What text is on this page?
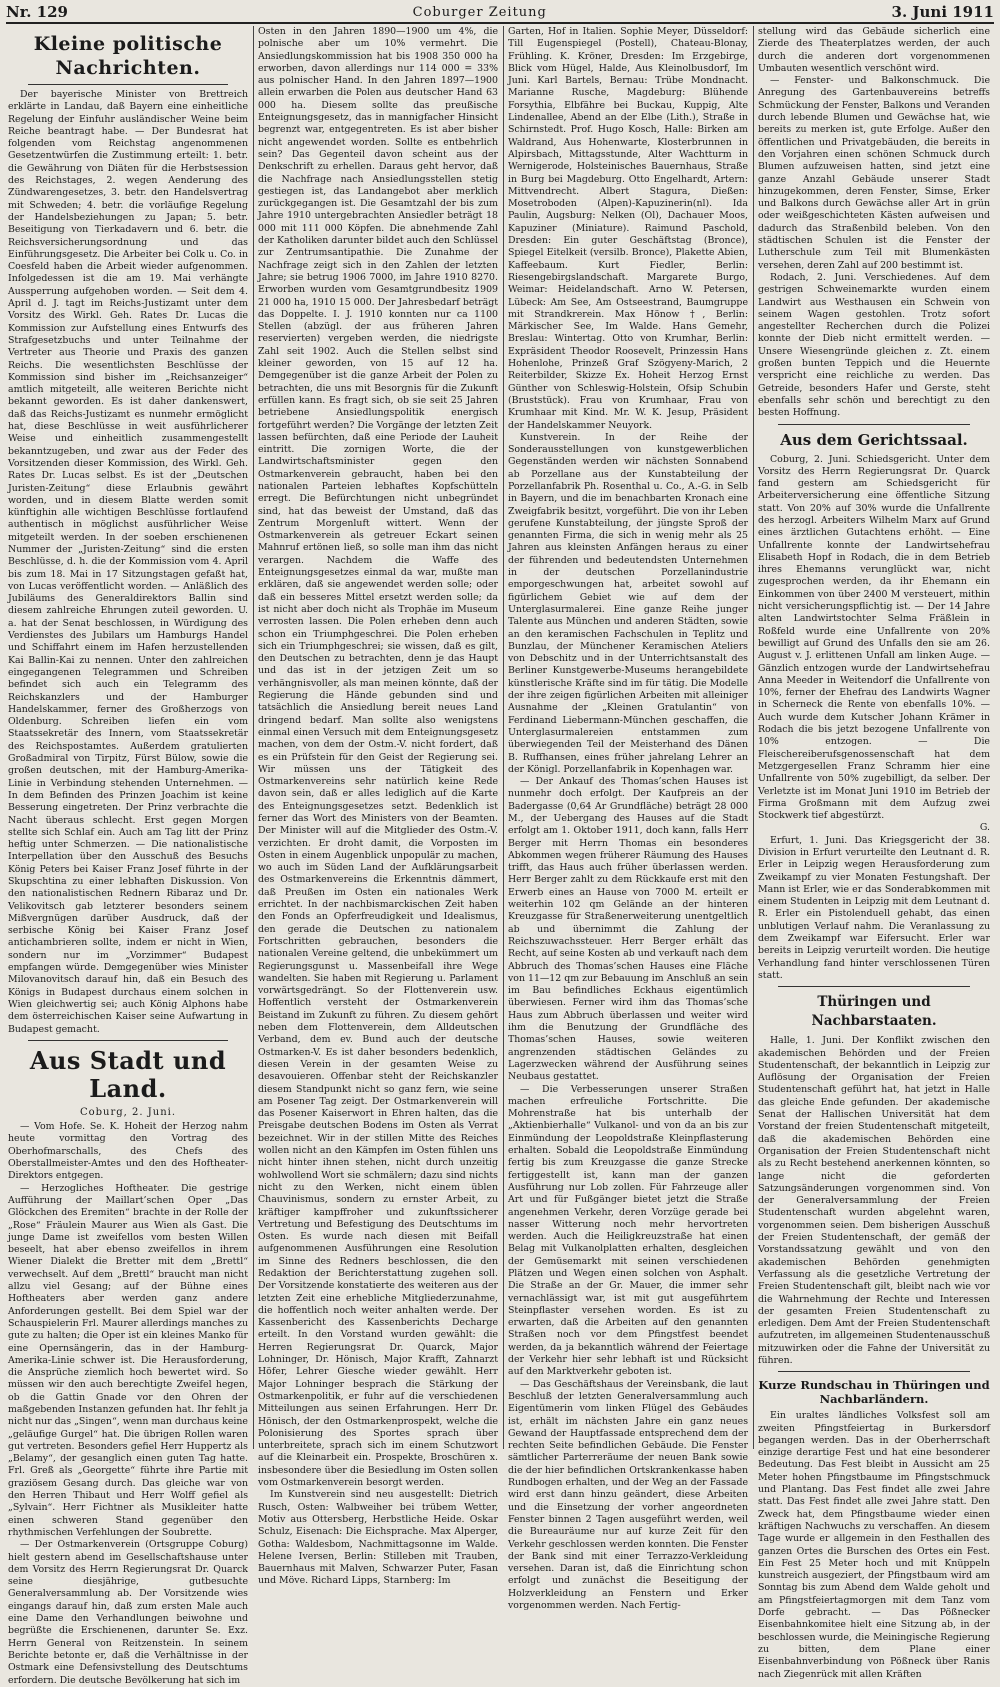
Nr. 129	Coburger Zeitung	3. Juni 1911
Kleine politische Nachrichten.

Der bayerische Minister von Brettreich erklärte in Landau, daß Bayern eine einheitliche Regelung der Einfuhr ausländischer Weine beim Reiche beantragt habe. — Der Bundesrat hat folgenden vom Reichstag angenommenen Gesetzentwürfen die Zustimmung erteilt: 1. betr. die Gewährung von Diäten für die Herbstsession des Reichstages, 2. wegen Aenderung des Zündwarengesetzes, 3. betr. den Handelsvertrag mit Schweden; 4. betr. die vorläufige Regelung der Handelsbeziehungen zu Japan; 5. betr. Beseitigung von Tierkadavern und 6. betr. die Reichsversicherungsordnung und das Einführungsgesetz. Die Arbeiter bei Colk u. Co. in Coesfeld haben die Arbeit wieder aufgenommen. Infolgedessen ist die am 19. Mai verhängte Aussperrung aufgehoben worden. — Seit dem 4. April d. J. tagt im Reichs-Justizamt unter dem Vorsitz des Wirkl. Geh. Rates Dr. Lucas die Kommission zur Aufstellung eines Entwurfs des Strafgesetzbuchs und unter Teilnahme der Vertreter aus Theorie und Praxis des ganzen Reichs. Die wesentlichsten Beschlüsse der Kommission sind bisher im „Reichsanzeiger“ amtlich mitgeteilt, alle weiteren Berichte nicht bekannt geworden. Es ist daher dankenswert, daß das Reichs-Justizamt es nunmehr ermöglicht hat, diese Beschlüsse in weit ausführlicherer Weise und einheitlich zusammengestellt bekanntzugeben, und zwar aus der Feder des Vorsitzenden dieser Kommission, des Wirkl. Geh. Rates Dr. Lucas selbst. Es ist der „Deutschen Juristen-Zeitung“ diese Erlaubnis gewährt worden, und in diesem Blatte werden somit künftighin alle wichtigen Beschlüsse fortlaufend authentisch in möglichst ausführlicher Weise mitgeteilt werden. In der soeben erschienenen Nummer der „Juristen-Zeitung“ sind die ersten Beschlüsse, d. h. die der Kommission vom 4. April bis zum 18. Mai in 17 Sitzungstagen gefaßt hat, von Lucas veröffentlicht worden. — Anläßlich des Jubiläums des Generaldirektors Ballin sind diesem zahlreiche Ehrungen zuteil geworden. U. a. hat der Senat beschlossen, in Würdigung des Verdienstes des Jubilars um Hamburgs Handel und Schiffahrt einem im Hafen herzustellenden Kai Ballin-Kai zu nennen. Unter den zahlreichen eingegangenen Telegrammen und Schreiben befindet sich auch ein Telegramm des Reichskanzlers und der Hamburger Handelskammer, ferner des Großherzogs von Oldenburg. Schreiben liefen ein vom Staatssekretär des Innern, vom Staatssekretär des Reichspostamtes. Außerdem gratulierten Großadmiral von Tirpitz, Fürst Bülow, sowie die großen deutschen, mit der Hamburg-Amerika-Linie in Verbindung stehenden Unternehmen. — In dem Befinden des Prinzen Joachim ist keine Besserung eingetreten. Der Prinz verbrachte die Nacht überaus schlecht. Erst gegen Morgen stellte sich Schlaf ein. Auch am Tag litt der Prinz heftig unter Schmerzen. — Die nationalistische Interpellation über den Ausschuß des Besuchs König Peters bei Kaiser Franz Josef führte in der Skupschtina zu einer lebhaften Diskussion. Von den nationalistischen Rednern Ribaraz und Dr. Velikovitsch gab letzterer besonders seinem Mißvergnügen darüber Ausdruck, daß der serbische König bei Kaiser Franz Josef antichambrieren sollte, indem er nicht in Wien, sondern nur im „Vorzimmer“ Budapest empfangen würde. Demgegenüber wies Minister Milovanovitsch darauf hin, daß ein Besuch des Königs in Budapest durchaus einem solchen in Wien gleichwertig sei; auch König Alphons habe dem österreichischen Kaiser seine Aufwartung in Budapest gemacht.

Aus Stadt und Land.
Coburg, 2. Juni.

— Vom Hofe. Se. K. Hoheit der Herzog nahm heute vormittag den Vortrag des Oberhofmarschalls, des Chefs des Oberstallmeister-Amtes und den des Hoftheater-Direktors entgegen.

— Herzogliches Hoftheater. Die gestrige Aufführung der Maillart’schen Oper „Das Glöckchen des Eremiten“ brachte in der Rolle der „Rose“ Fräulein Maurer aus Wien als Gast. Die junge Dame ist zweifellos vom besten Willen beseelt, hat aber ebenso zweifellos in ihrem Wiener Dialekt die Bretter mit dem „Brettl“ verwechselt. Auf dem „Brettl“ braucht man nicht allzu viel Gesang; auf der Bühne eines Hoftheaters aber werden ganz andere Anforderungen gestellt. Bei dem Spiel war der Schauspielerin Frl. Maurer allerdings manches zu gute zu halten; die Oper ist ein kleines Manko für eine Opernsängerin, das in der Hamburg-Amerika-Linie schwer ist. Die Herausforderung, die Ansprüche ziemlich hoch bewertet wird. So müssen wir den auch berechtigte Zweifel hegen, ob die Gattin Gnade vor den Ohren der maßgebenden Instanzen gefunden hat. Ihr fehlt ja nicht nur das „Singen“, wenn man durchaus keine „geläufige Gurgel“ hat. Die übrigen Rollen waren gut vertreten. Besonders gefiel Herr Huppertz als „Belamy“, der gesanglich einen guten Tag hatte. Frl. Greß als „Georgette“ führte ihre Partie mit graziösem Gesang durch. Das gleiche war von den Herren Thibaut und Herr Wolff gefiel als „Sylvain“. Herr Fichtner als Musikleiter hatte einen schweren Stand gegenüber den rhythmischen Verfehlungen der Soubrette.

— Der Ostmarkenverein (Ortsgruppe Coburg) hielt gestern abend im Gesellschaftshause unter dem Vorsitz des Herrn Regierungsrat Dr. Quarck seine diesjährige, gutbesuchte Generalversammlung ab. Der Vorsitzende wies eingangs darauf hin, daß zum ersten Male auch eine Dame den Verhandlungen beiwohne und begrüßte die Erschienenen, darunter Se. Exz. Herrn General von Reitzenstein. In seinem Berichte betonte er, daß die Verhältnisse in der Ostmark eine Defensivstellung des Deutschtums erfordern. Die deutsche Bevölkerung hat sich im

Osten in den Jahren 1890—1900 um 4%, die polnische aber um 10% vermehrt. Die Ansiedlungskommission hat bis 1908 350 000 ha erworben, davon allerdings nur 114 000 = 33% aus polnischer Hand. In den Jahren 1897—1900 allein erwarben die Polen aus deutscher Hand 63 000 ha. Diesem sollte das preußische Enteignungsgesetz, das in mannigfacher Hinsicht begrenzt war, entgegentreten. Es ist aber bisher nicht angewendet worden. Sollte es entbehrlich sein? Das Gegenteil davon scheint aus der Denkschrift zu erhellen. Daraus geht hervor, daß die Nachfrage nach Ansiedlungsstellen stetig gestiegen ist, das Landangebot aber merklich zurückgegangen ist. Die Gesamtzahl der bis zum Jahre 1910 untergebrachten Ansiedler beträgt 18 000 mit 111 000 Köpfen. Die abnehmende Zahl der Katholiken darunter bildet auch den Schlüssel zur Zentrumsantipathie. Die Zunahme der Nachfrage zeigt sich in den Zahlen der letzten Jahre; sie betrug 1906 7000, im Jahre 1910 8270. Erworben wurden vom Gesamtgrundbesitz 1909 21 000 ha, 1910 15 000. Der Jahresbedarf beträgt das Doppelte. I. J. 1910 konnten nur ca 1100 Stellen (abzügl. der aus früheren Jahren reservierten) vergeben werden, die niedrigste Zahl seit 1902. Auch die Stellen selbst sind kleiner geworden, von 15 auf 12 ha. Demgegenüber ist die ganze Arbeit der Polen zu betrachten, die uns mit Besorgnis für die Zukunft erfüllen kann. Es fragt sich, ob sie seit 25 Jahren betriebene Ansiedlungspolitik energisch fortgeführt werden? Die Vorgänge der letzten Zeit lassen befürchten, daß eine Periode der Lauheit eintritt. Die zornigen Worte, die der Landwirtschaftsminister gegen den Ostmarkenverein gebraucht, haben bei den nationalen Parteien lebhaftes Kopfschütteln erregt. Die Befürchtungen nicht unbegründet sind, hat das beweist der Umstand, daß das Zentrum Morgenluft wittert. Wenn der Ostmarkenverein als getreuer Eckart seinen Mahnruf ertönen ließ, so solle man ihm das nicht verargen. Nachdem die Waffe des Enteignungsgesetzes einmal da war, mußte man erklären, daß sie angewendet werden solle; oder daß ein besseres Mittel ersetzt werden solle; da ist nicht aber doch nicht als Trophäe im Museum verrosten lassen. Die Polen erheben denn auch schon ein Triumphgeschrei. Die Polen erheben sich ein Triumphgeschrei; sie wissen, daß es gilt, den Deutschen zu betrachten, denn je das Haupt und das ist in der jetzigen Zeit um so verhängnisvoller, als man meinen könnte, daß der Regierung die Hände gebunden sind und tatsächlich die Ansiedlung bereit neues Land dringend bedarf. Man sollte also wenigstens einmal einen Versuch mit dem Enteignungsgesetz machen, von dem der Ostm.-V. nicht fordert, daß es ein Prüfstein für den Geist der Regierung sei. Wir müssen uns der Tätigkeit des Ostmarkenvereins sehr natürlich keine Rede davon sein, daß er alles lediglich auf die Karte des Enteignungsgesetzes setzt. Bedenklich ist ferner das Wort des Ministers von der Beamten. Der Minister will auf die Mitglieder des Ostm.-V. verzichten. Er droht damit, die Vorposten im Osten in einem Augenblick unpopulär zu machen, wo auch im Süden Land der Aufklärungsarbeit des Ostmarkenvereins die Erkenntnis dämmert, daß Preußen im Osten ein nationales Werk errichtet. In der nachbismarckischen Zeit haben den Fonds an Opferfreudigkeit und Idealismus, den gerade die Deutschen zu nationalem Fortschritten gebrauchen, besonders die nationalen Vereine geltend, die unbekümmert um Regierungsgunst u. Massenbeifall ihre Wege wandelten. Sie haben mit Regierung u. Parlament vorwärtsgedrängt. So der Flottenverein usw. Hoffentlich versteht der Ostmarkenverein Beistand im Zukunft zu führen. Zu diesem gehört neben dem Flottenverein, dem Alldeutschen Verband, dem ev. Bund auch der deutsche Ostmarken-V. Es ist daher besonders bedenklich, diesen Verein in der gesamten Weise zu desavouieren. Offenbar steht der Reichskanzler diesem Standpunkt nicht so ganz fern, wie seine am Posener Tag zeigt. Der Ostmarkenverein will das Posener Kaiserwort in Ehren halten, das die Preisgabe deutschen Bodens im Osten als Verrat bezeichnet. Wir in der stillen Mitte des Reiches wollen nicht an den Kämpfen im Osten fühlen uns nicht hinter ihnen stehen, nicht durch unzeitig wohlwollend Wort sie schmälern; dazu sind nichts nicht zu den Werken, nicht einem üblen Chauvinismus, sondern zu ernster Arbeit, zu kräftiger kampffroher und zukunftssicherer Vertretung und Befestigung des Deutschtums im Osten. Es wurde nach diesen mit Beifall aufgenommenen Ausführungen eine Resolution im Sinne des Redners beschlossen, die den Redaktion der Berichterstattung zugehen soll. Der Vorsitzende konstatierte des weiteren aus der letzten Zeit eine erhebliche Mitgliederzunahme, die hoffentlich noch weiter anhalten werde. Der Kassenbericht des Kassenberichts Decharge erteilt. In den Vorstand wurden gewählt: die Herren Regierungsrat Dr. Quarck, Major Lohninger, Dr. Hönisch, Major Krafft, Zahnarzt Höfer, Lehrer Giesche wieder gewählt. Herr Major Lohninger besprach die Stärkung der Ostmarkenpolitik, er fuhr auf die verschiedenen Mitteilungen aus seinen Erfahrungen. Herr Dr. Hönisch, der den Ostmarkenprospekt, welche die Polonisierung des Sportes sprach über unterbreitete, sprach sich im einem Schutzwort auf die Kleinarbeit ein. Prospekte, Broschüren x. insbesondere über die Besiedlung im Osten sollen vom Ostmarkenverein besorgt werden.

Im Kunstverein sind neu ausgestellt: Dietrich Rusch, Osten: Walbweiher bei trübem Wetter, Motiv aus Ottersberg, Herbstliche Heide. Oskar Schulz, Eisenach: Die Eichsprache. Max Alperger, Gotha: Waldesbom, Nachmittagsonne im Walde. Helene Iversen, Berlin: Stilleben mit Trauben, Bauernhaus mit Malven, Schwarzer Puter, Fasan und Möve. Richard Lipps, Starnberg: Im

Garten, Hof in Italien. Sophie Meyer, Düsseldorf: Till Eugenspiegel (Postell), Chateau-Blonay, Frühling. K. Kröner, Dresden: Im Erzgebirge, Blick vom Hügel, Halde, Aus Kleinolbusdorf, Im Juni. Karl Bartels, Bernau: Trübe Mondnacht. Marianne Rusche, Magdeburg: Blühende Forsythia, Elbfähre bei Buckau, Kuppig, Alte Lindenallee, Abend an der Elbe (Lith.), Straße in Schirnstedt. Prof. Hugo Kosch, Halle: Birken am Waldrand, Aus Hohenwarte, Klosterbrunnen in Alpirsbach, Mittagsstunde, Alter Wachtturm in Wernigerode, Holsteinisches Bauernhaus, Straße in Burg bei Magdeburg. Otto Engelhardt, Artern: Mittvendrecht. Albert Stagura, Dießen: Mosetroboden (Alpen)-Kapuzinerin(nl). Ida Paulin, Augsburg: Nelken (Ol), Dachauer Moos, Kapuziner (Miniature). Raimund Paschold, Dresden: Ein guter Geschäftstag (Bronce), Spiegel Eitelkeit (versilb. Bronce), Plakette Abien, Kaffeebaum. Kurt Fiedler, Berlin: Riesengebirgslandschaft. Margarete Burgo, Weimar: Heidelandschaft. Arno W. Petersen, Lübeck: Am See, Am Ostseestrand, Baumgruppe mit Strandkrerein. Max Hönow †, Berlin: Märkischer See, Im Walde. Hans Gemehr, Breslau: Wintertag. Otto von Krumhar, Berlin: Expräsident Theodor Roosevelt, Prinzessin Hans Hohenlohe, Prinzeß Graf Szögyeny-Marich, 2 Reiterbilder, Skizze Ex. Hoheit Herzog Ernst Günther von Schleswig-Holstein, Ofsip Schubin (Bruststück). Frau von Krumhaar, Frau von Krumhaar mit Kind. Mr. W. K. Jesup, Präsident der Handelskammer Neuyork.

Kunstverein. In der Reihe der Sonderausstellungen von kunstgewerblichen Gegenständen werden wir nächsten Sonnabend ab Porzellane aus der Kunstabteilung der Porzellanfabrik Ph. Rosenthal u. Co., A.-G. in Selb in Bayern, und die im benachbarten Kronach eine Zweigfabrik besitzt, vorgeführt. Die von ihr Leben gerufene Kunstabteilung, der jüngste Sproß der genannten Firma, die sich in wenig mehr als 25 Jahren aus kleinsten Anfängen heraus zu einer der führenden und bedeutendsten Unternehmen in der deutschen Porzellanindustrie emporgeschwungen hat, arbeitet sowohl auf figürlichem Gebiet wie auf dem der Unterglasurmalerei. Eine ganze Reihe junger Talente aus München und anderen Städten, sowie an den keramischen Fachschulen in Teplitz und Bunzlau, der Münchener Keramischen Ateliers von Debschitz und in der Unterrichtsanstalt des Berliner Kunstgewerbe-Museums herangebildete künstlerische Kräfte sind im für tätig. Die Modelle der ihre zeigen figürlichen Arbeiten mit alleiniger Ausnahme der „Kleinen Gratulantin“ von Ferdinand Liebermann-München geschaffen, die Unterglasurmalereien entstammen zum überwiegenden Teil der Meisterhand des Dänen B. Ruffhansen, eines früher jahrelang Lehrer an der Königl. Porzellanfabrik in Kopenhagen war.

— Der Ankauf des Thomas’schen Hauses ist nunmehr doch erfolgt. Der Kaufpreis an der Badergasse (0,64 Ar Grundfläche) beträgt 28 000 M., der Uebergang des Hauses auf die Stadt erfolgt am 1. Oktober 1911, doch kann, falls Herr Berger mit Herrn Thomas ein besonderes Abkommen wegen früherer Räumung des Hauses trifft, das Haus auch früher überlassen werden. Herr Berger zahlt zu dem Rückkaufe erst mit den Erwerb eines an Hause von 7000 M. erteilt er weiterhin 102 qm Gelände an der hinteren Kreuzgasse für Straßenerweiterung unentgeltlich ab und übernimmt die Zahlung der Reichszuwachssteuer. Herr Berger erhält das Recht, auf seine Kosten ab und verkauft nach dem Abbruch des Thomas’schen Hauses eine Fläche von 11—12 qm zur Bebauung im Anschluß an sein im Bau befindliches Eckhaus eigentümlich überwiesen. Ferner wird ihm das Thomas’sche Haus zum Abbruch überlassen und weiter wird ihm die Benutzung der Grundfläche des Thomas’schen Hauses, sowie weiteren angrenzenden städtischen Geländes zu Lagerzwecken während der Ausführung seines Neubaus gestattet.

— Die Verbesserungen unserer Straßen machen erfreuliche Fortschritte. Die Mohrenstraße hat bis unterhalb der „Aktienbierhalle“ Vulkanol- und von da an bis zur Einmündung der Leopoldstraße Kleinpflasterung erhalten. Sobald die Leopoldstraße Einmündung fertig bis zum Kreuzgasse die ganze Strecke fertiggestellt ist, kann man der ganzen Ausführung nur Lob zollen. Für Fahrzeuge aller Art und für Fußgänger bietet jetzt die Straße angenehmen Verkehr, deren Vorzüge gerade bei nasser Witterung noch mehr hervortreten werden. Auch die Heiligkreuzstraße hat einen Belag mit Vulkanolplatten erhalten, desgleichen der Gemüsemarkt mit seinen verschiedenen Plätzen und Wegen einen solchen von Asphalt. Die Straße an der Gr. Mauer, die immer sehr vernachlässigt war, ist mit gut ausgeführtem Steinpflaster versehen worden. Es ist zu erwarten, daß die Arbeiten auf den genannten Straßen noch vor dem Pfingstfest beendet werden, da ja bekanntlich während der Feiertage der Verkehr hier sehr lebhaft ist und Rücksicht auf den Marktverkehr geboten ist.

— Das Geschäftshaus der Vereinsbank, die laut Beschluß der letzten Generalversammlung auch Eigentümerin vom linken Flügel des Gebäudes ist, erhält im nächsten Jahre ein ganz neues Gewand der Hauptfassade entsprechend dem der rechten Seite befindlichen Gebäude. Die Fenster sämtlicher Parterreräume der neuen Bank sowie die der hier befindlichen Ortskrankenkasse haben Rundbogen erhalten, und der Weg an der Fassade wird erst dann hinzu geändert, diese Arbeiten und die Einsetzung der vorher angeordneten Fenster binnen 2 Tagen ausgeführt werden, weil die Bureauräume nur auf kurze Zeit für den Verkehr geschlossen werden konnten. Die Fenster der Bank sind mit einer Terrazzo-Verkleidung versehen. Daran ist, daß die Einrichtung schon erfolgt und zunächst die Beseitigung der Holzverkleidung an Fenstern und Erker vorgenommen werden. Nach Fertig-

stellung wird das Gebäude sicherlich eine Zierde des Theaterplatzes werden, der auch durch die anderen dort vorgenommenen Umbauten wesentlich verschönt wird.

— Fenster- und Balkonschmuck. Die Anregung des Gartenbauvereins betreffs Schmückung der Fenster, Balkons und Veranden durch lebende Blumen und Gewächse hat, wie bereits zu merken ist, gute Erfolge. Außer den öffentlichen und Privatgebäuden, die bereits in den Vorjahren einen schönen Schmuck durch Blumen aufzuweisen hatten, sind jetzt eine ganze Anzahl Gebäude unserer Stadt hinzugekommen, deren Fenster, Simse, Erker und Balkons durch Gewächse aller Art in grün oder weißgeschichteten Kästen aufweisen und dadurch das Straßenbild beleben. Von den städtischen Schulen ist die Fenster der Lutherschule zum Teil mit Blumenkästen versehen, deren Zahl auf 200 bestimmt ist.

Rodach, 2. Juni. Verschiedenes. Auf dem gestrigen Schweinemarkte wurden einem Landwirt aus Westhausen ein Schwein von seinem Wagen gestohlen. Trotz sofort angestellter Recherchen durch die Polizei konnte der Dieb nicht ermittelt werden. — Unsere Wiesengründe gleichen z. Zt. einem großen bunten Teppich und die Heuernte verspricht eine reichliche zu werden. Das Getreide, besonders Hafer und Gerste, steht ebenfalls sehr schön und berechtigt zu den besten Hoffnung.

Aus dem Gerichtssaal.

Coburg, 2. Juni. Schiedsgericht. Unter dem Vorsitz des Herrn Regierungsrat Dr. Quarck fand gestern am Schiedsgericht für Arbeiterversicherung eine öffentliche Sitzung statt. Von 20% auf 30% wurde die Unfallrente des herzogl. Arbeiters Wilhelm Marx auf Grund eines ärztlichen Gutachtens erhöht. — Eine Unfallrente konnte der Landwirtsehefrau Elisabeth Hopf in Rodach, die in dem Betrieb ihres Ehemanns verunglückt war, nicht zugesprochen werden, da ihr Ehemann ein Einkommen von über 2400 M versteuert, mithin nicht versicherungspflichtig ist. — Der 14 Jahre alten Landwirtstochter Selma Fräßlein in Roßfeld wurde eine Unfallrente von 20% bewilligt auf Grund des Unfalls den sie am 26. August v. J. erlittenen Unfall am linken Auge. — Gänzlich entzogen wurde der Landwirtsehefrau Anna Meeder in Weitendorf die Unfallrente von 10%, ferner der Ehefrau des Landwirts Wagner in Scherneck die Rente von ebenfalls 10%. — Auch wurde dem Kutscher Johann Krämer in Rodach die bis jetzt bezogene Unfallrente von 10% entzogen. — Die Fleischereiberufsgenossenschaft hat dem Metzgergesellen Franz Schramm hier eine Unfallrente von 50% zugebilligt, da selber. Der Verletzte ist im Monat Juni 1910 im Betrieb der Firma Großmann mit dem Aufzug zwei Stockwerk tief abgestürzt.

G.

Erfurt, 1. Juni. Das Kriegsgericht der 38. Division in Erfurt verurteilte den Leutnant d. R. Erler in Leipzig wegen Herausforderung zum Zweikampf zu vier Monaten Festungshaft. Der Mann ist Erler, wie er das Sonderabkommen mit einem Studenten in Leipzig mit dem Leutnant d. R. Erler ein Pistolenduell gehabt, das einen unblutigen Verlauf nahm. Die Veranlassung zu dem Zweikampf war Eifersucht. Erler war bereits in Leipzig verurteilt worden. Die heutige Verhandlung fand hinter verschlossenen Türen statt.

Thüringen und Nachbarstaaten.

Halle, 1. Juni. Der Konflikt zwischen den akademischen Behörden und der Freien Studentenschaft, der bekanntlich in Leipzig zur Auflösung der Organisation der Freien Studentenschaft geführt hat, hat jetzt in Halle das gleiche Ende gefunden. Der akademische Senat der Hallischen Universität hat dem Vorstand der freien Studentenschaft mitgeteilt, daß die akademischen Behörden eine Organisation der Freien Studentenschaft nicht als zu Recht bestehend anerkennen könnten, so lange nicht die geforderten Satzungsänderungen vorgenommen sind. Von der Generalversammlung der Freien Studentenschaft wurden abgelehnt waren, vorgenommen seien. Dem bisherigen Ausschuß der Freien Studentenschaft, der gemäß der Vorstandssatzung gewählt und von den akademischen Behörden genehmigten Verfassung als die gesetzliche Vertretung der Freien Studentenschaft gilt, bleibt nach wie vor die Wahrnehmung der Rechte und Interessen der gesamten Freien Studentenschaft zu erledigen. Dem Amt der Freien Studentenschaft aufzutreten, im allgemeinen Studentenausschuß mitzuwirken oder die Fahne der Universität zu führen.

Kurze Rundschau in Thüringen und Nachbarländern.

Ein uraltes ländliches Volksfest soll am zweiten Pfingstfeiertag in Burkersdorf begangen werden. Das in der Oberherrschaft einzige derartige Fest und hat eine besonderer Bedeutung. Das Fest bleibt in Aussicht am 25 Meter hohen Pfingstbaume im Pfingstschmuck und Plantang. Das Fest findet alle zwei Jahre statt. Das Fest findet alle zwei Jahre statt. Den Zweck hat, dem Pfingstbaume wieder einen kräftigen Nachwuchs zu verschaffen. An diesem Tage wurde er allgemein in den Festhallen des ganzen Ortes die Burschen des Ortes ein Fest. Ein Fest 25 Meter hoch und mit Knüppeln kunstreich ausgeziert, der Pfingstbaum wird am Sonntag bis zum Abend dem Walde geholt und am Pfingstfeiertagmorgen mit dem Tanz vom Dorfe gebracht. — Das Pößnecker Eisenbahnkomitee hielt eine Sitzung ab, in der beschlossen wurde, die Meiningische Regierung zu bitten, dem Plane einer Eisenbahnverbindung von Pößneck über Ranis nach Ziegenrück mit allen Kräften
